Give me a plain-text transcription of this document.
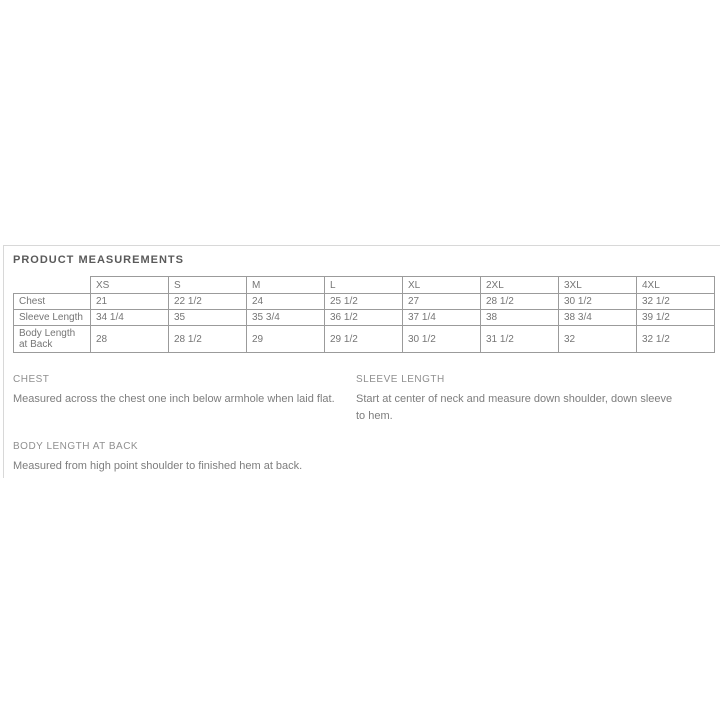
PRODUCT MEASUREMENTS
	XS	S	M	L	XL	2XL	3XL	4XL
Chest	21	22 1/2	24	25 1/2	27	28 1/2	30 1/2	32 1/2
Sleeve Length	34 1/4	35	35 3/4	36 1/2	37 1/4	38	38 3/4	39 1/2
Body Length at Back	28	28 1/2	29	29 1/2	30 1/2	31 1/2	32	32 1/2
CHEST
Measured across the chest one inch below armhole when laid flat.
SLEEVE LENGTH
Start at center of neck and measure down shoulder, down sleeve to hem.
BODY LENGTH AT BACK
Measured from high point shoulder to finished hem at back.
